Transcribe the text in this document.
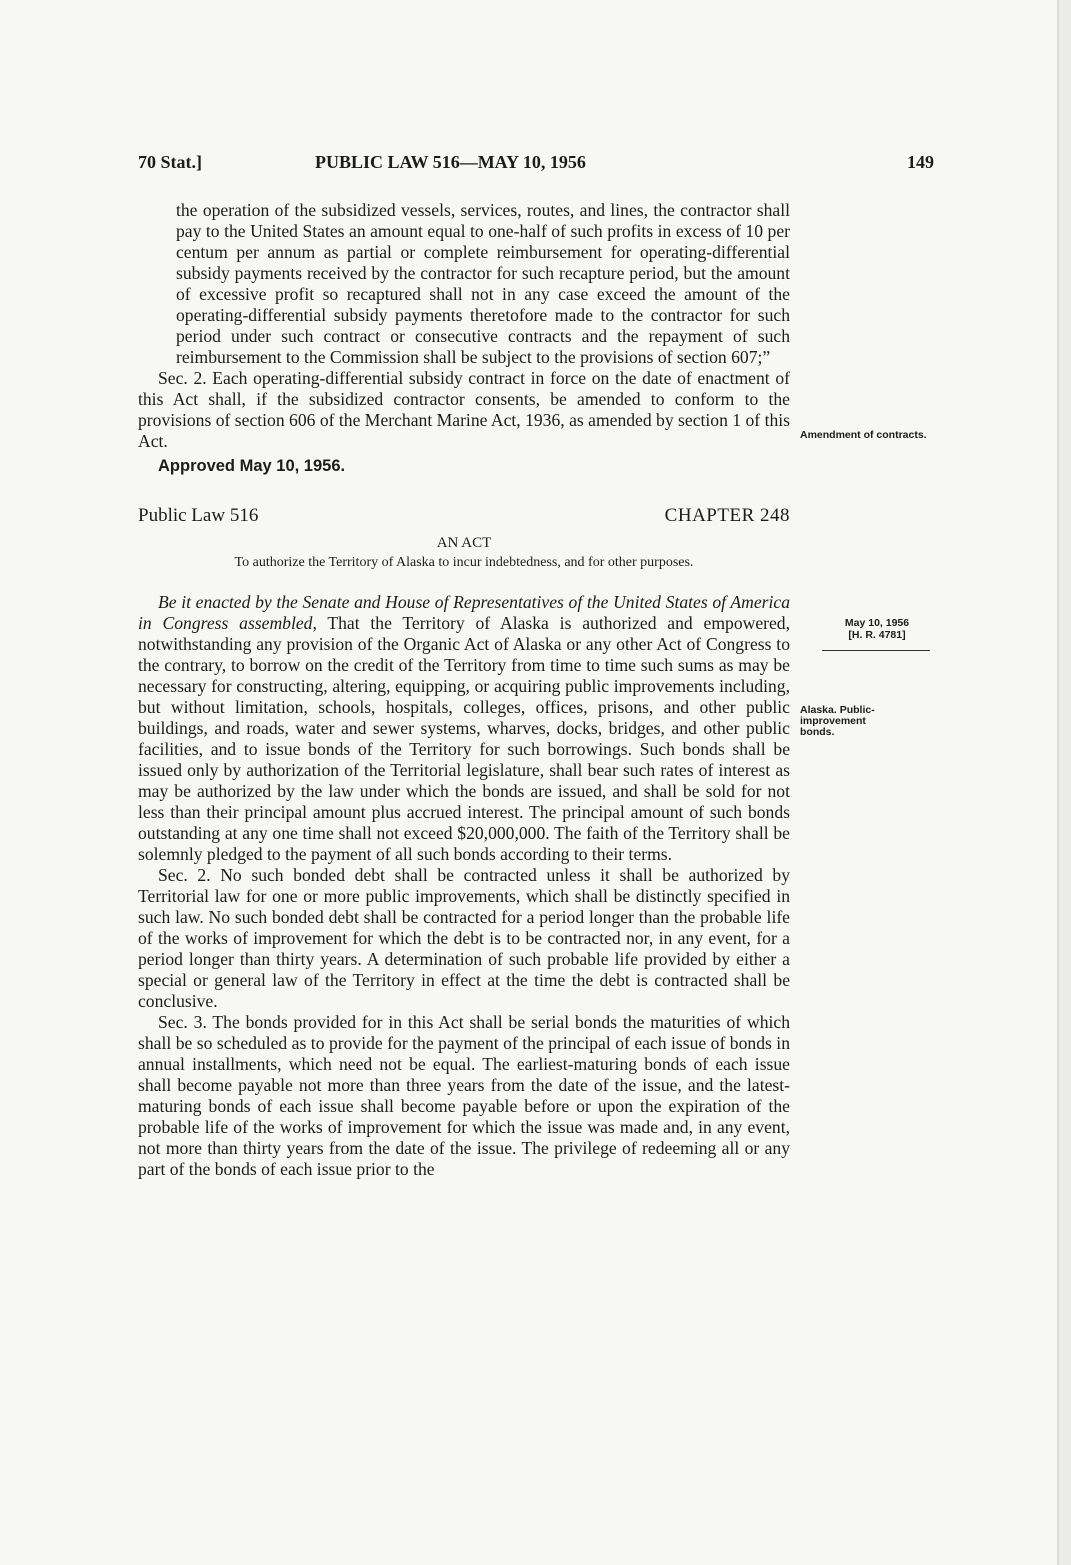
70 Stat.]	PUBLIC LAW 516—MAY 10, 1956	149

the operation of the subsidized vessels, services, routes, and lines, the contractor shall pay to the United States an amount equal to one-half of such profits in excess of 10 per centum per annum as partial or complete reimbursement for operating-differential subsidy payments received by the contractor for such recapture period, but the amount of excessive profit so recaptured shall not in any case exceed the amount of the operating-differential subsidy payments theretofore made to the contractor for such period under such contract or consecutive contracts and the repayment of such reimbursement to the Commission shall be subject to the provisions of section 607;”

Sec. 2. Each operating-differential subsidy contract in force on the date of enactment of this Act shall, if the subsidized contractor consents, be amended to conform to the provisions of section 606 of the Merchant Marine Act, 1936, as amended by section 1 of this Act.

Approved May 10, 1956.

Public Law 516	CHAPTER 248

AN ACT

To authorize the Territory of Alaska to incur indebtedness, and for other purposes.

Be it enacted by the Senate and House of Representatives of the United States of America in Congress assembled, That the Territory of Alaska is authorized and empowered, notwithstanding any provision of the Organic Act of Alaska or any other Act of Congress to the contrary, to borrow on the credit of the Territory from time to time such sums as may be necessary for constructing, altering, equipping, or acquiring public improvements including, but without limitation, schools, hospitals, colleges, offices, prisons, and other public buildings, and roads, water and sewer systems, wharves, docks, bridges, and other public facilities, and to issue bonds of the Territory for such borrowings. Such bonds shall be issued only by authorization of the Territorial legislature, shall bear such rates of interest as may be authorized by the law under which the bonds are issued, and shall be sold for not less than their principal amount plus accrued interest. The principal amount of such bonds outstanding at any one time shall not exceed $20,000,000. The faith of the Territory shall be solemnly pledged to the payment of all such bonds according to their terms.

Sec. 2. No such bonded debt shall be contracted unless it shall be authorized by Territorial law for one or more public improvements, which shall be distinctly specified in such law. No such bonded debt shall be contracted for a period longer than the probable life of the works of improvement for which the debt is to be contracted nor, in any event, for a period longer than thirty years. A determination of such probable life provided by either a special or general law of the Territory in effect at the time the debt is contracted shall be conclusive.

Sec. 3. The bonds provided for in this Act shall be serial bonds the maturities of which shall be so scheduled as to provide for the payment of the principal of each issue of bonds in annual installments, which need not be equal. The earliest-maturing bonds of each issue shall become payable not more than three years from the date of the issue, and the latest-maturing bonds of each issue shall become payable before or upon the expiration of the probable life of the works of improvement for which the issue was made and, in any event, not more than thirty years from the date of the issue. The privilege of redeeming all or any part of the bonds of each issue prior to the

Amendment of contracts.
May 10, 1956
[H. R. 4781]
Alaska. Public-improvement bonds.
